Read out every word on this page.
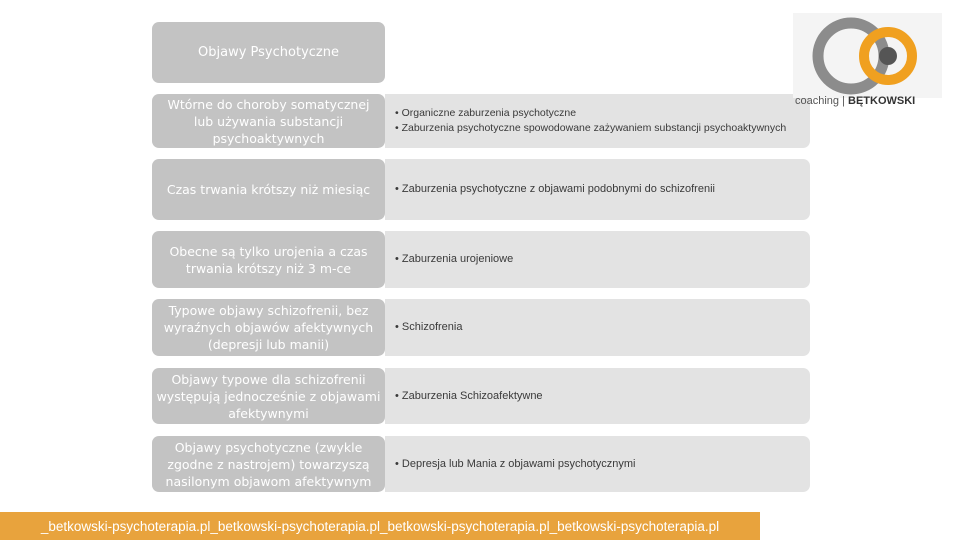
Objawy Psychotyczne
Wtórne do choroby somatycznej lub używania substancji psychoaktywnych
• Organiczne zaburzenia psychotyczne
• Zaburzenia psychotyczne spowodowane zażywaniem substancji psychoaktywnych
Czas trwania krótszy niż miesiąc
•	Zaburzenia psychotyczne z objawami podobnymi do schizofrenii
Obecne są tylko urojenia a czas trwania krótszy niż 3 m-ce
• Zaburzenia urojeniowe
Typowe objawy schizofrenii, bez wyraźnych objawów afektywnych (depresji lub manii)
• Schizofrenia
Objawy typowe dla schizofrenii występują jednocześnie z objawami afektywnymi
• Zaburzenia Schizoafektywne
Objawy psychotyczne (zwykle zgodne z nastrojem) towarzyszą nasilonym objawom afektywnym
• Depresja lub Mania z objawami psychotycznymi
coaching | BĘTKOWSKI
_betkowski-psychoterapia.pl_betkowski-psychoterapia.pl_betkowski-psychoterapia.pl_betkowski-psychoterapia.pl
